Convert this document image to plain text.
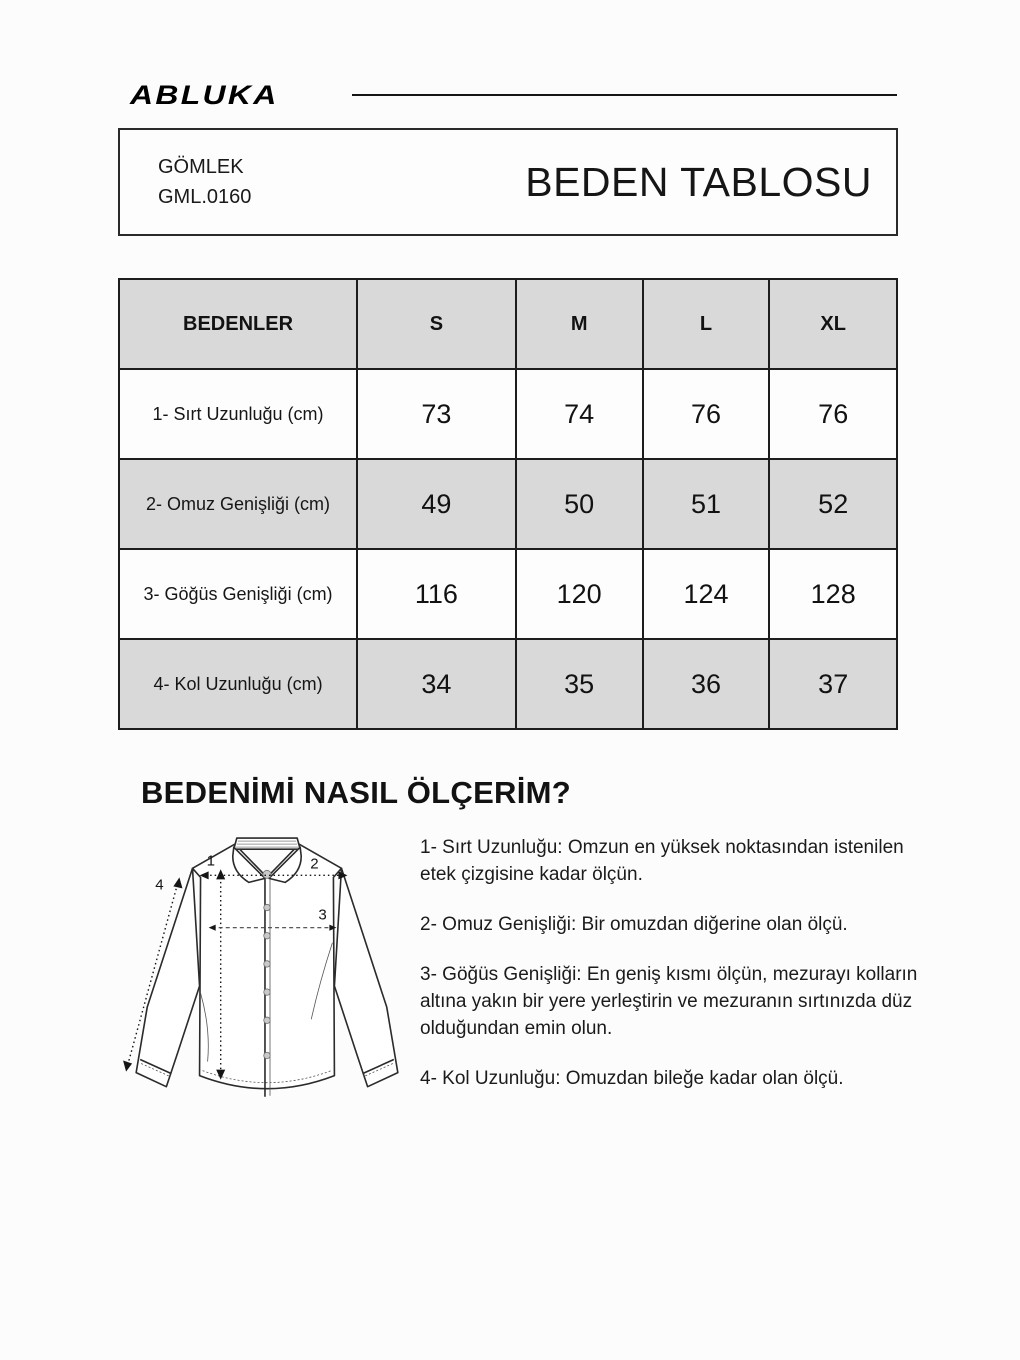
ABLUKA
GÖMLEK
GML.0160	BEDEN TABLOSU
BEDENLER	S	M	L	XL
1- Sırt Uzunluğu (cm)	73	74	76	76
2- Omuz Genişliği (cm)	49	50	51	52
3- Göğüs Genişliği (cm)	116	120	124	128
4- Kol Uzunluğu (cm)	34	35	36	37
BEDENİMİ NASIL ÖLÇERİM?
1	2
3
4

1- Sırt Uzunluğu: Omzun en yüksek noktasından istenilen etek çizgisine kadar ölçün.

2- Omuz Genişliği: Bir omuzdan diğerine olan ölçü.

3- Göğüs Genişliği: En geniş kısmı ölçün, mezurayı kolların altına yakın bir yere yerleştirin ve mezuranın sırtınızda düz olduğundan emin olun.

4- Kol Uzunluğu: Omuzdan bileğe kadar olan ölçü.
